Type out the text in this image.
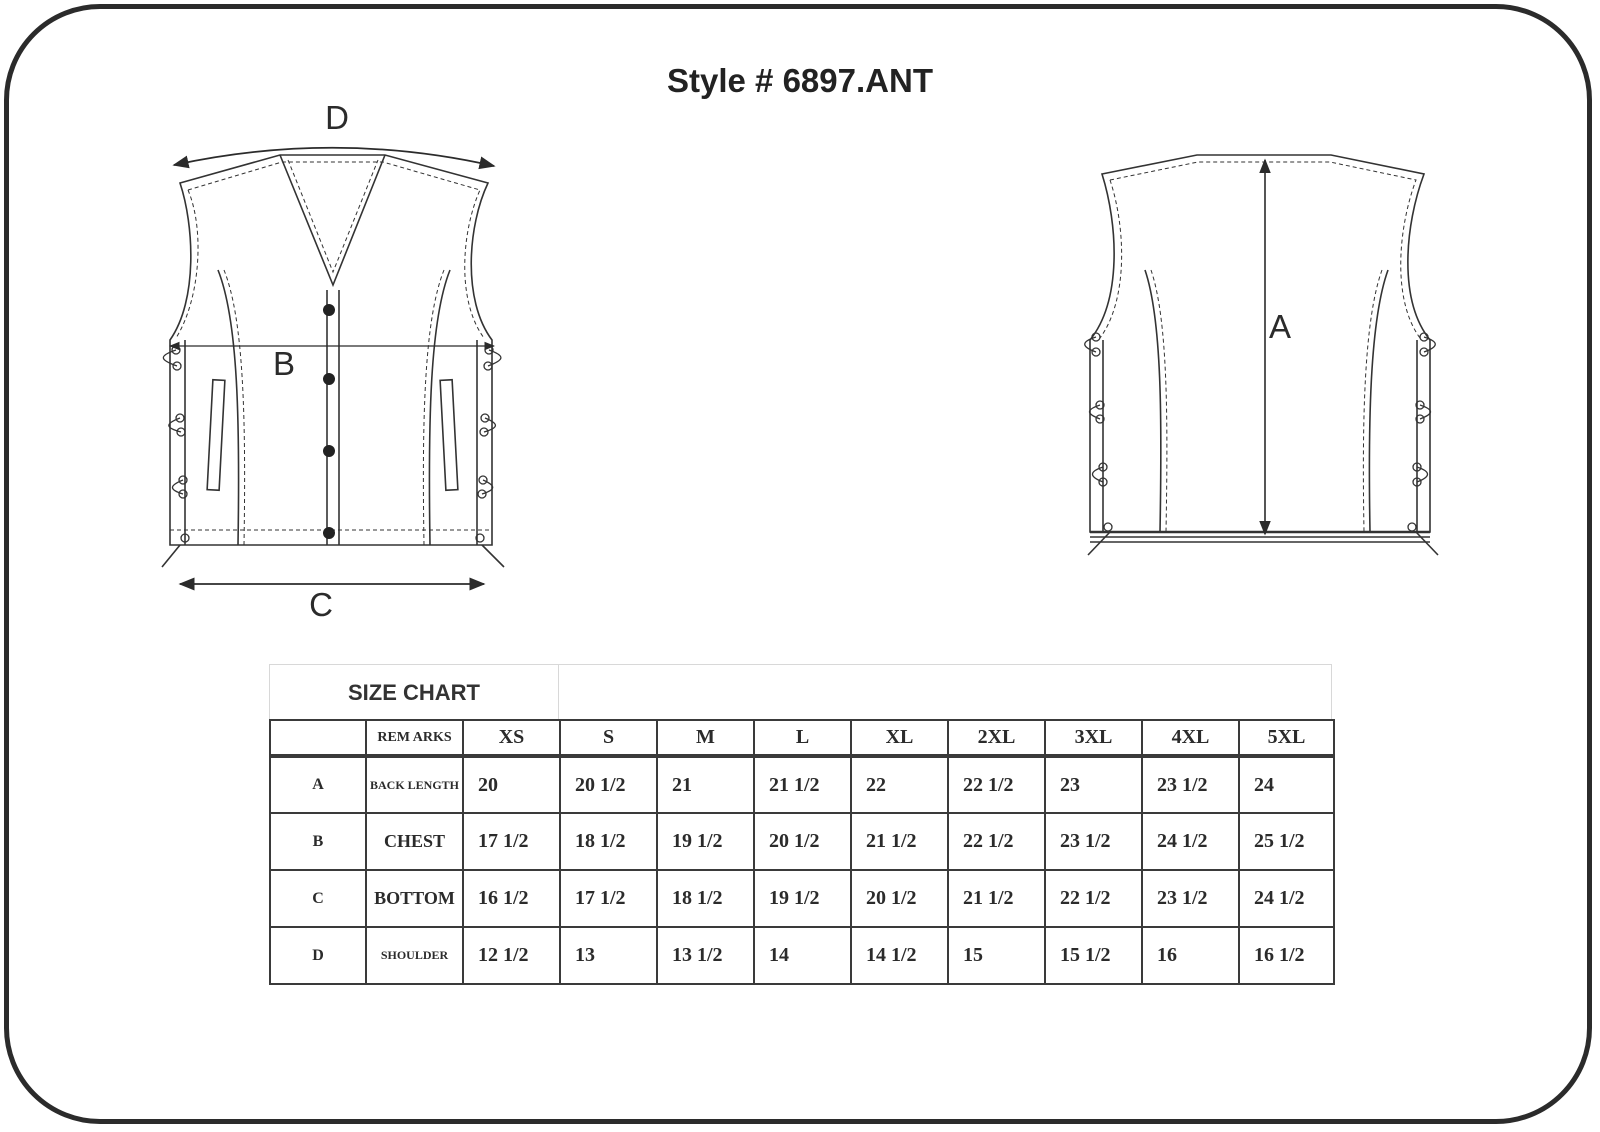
Style # 6897.ANT
D
B
C
A
SIZE CHART
	REM ARKS	XS	S	M	L	XL	2XL	3XL	4XL	5XL
A	BACK LENGTH	20	20 1/2	21	21 1/2	22	22 1/2	23	23 1/2	24
B	CHEST	17 1/2	18 1/2	19 1/2	20 1/2	21 1/2	22 1/2	23 1/2	24 1/2	25 1/2
C	BOTTOM	16 1/2	17 1/2	18 1/2	19 1/2	20 1/2	21 1/2	22 1/2	23 1/2	24 1/2
D	SHOULDER	12 1/2	13	13 1/2	14	14 1/2	15	15 1/2	16	16 1/2
